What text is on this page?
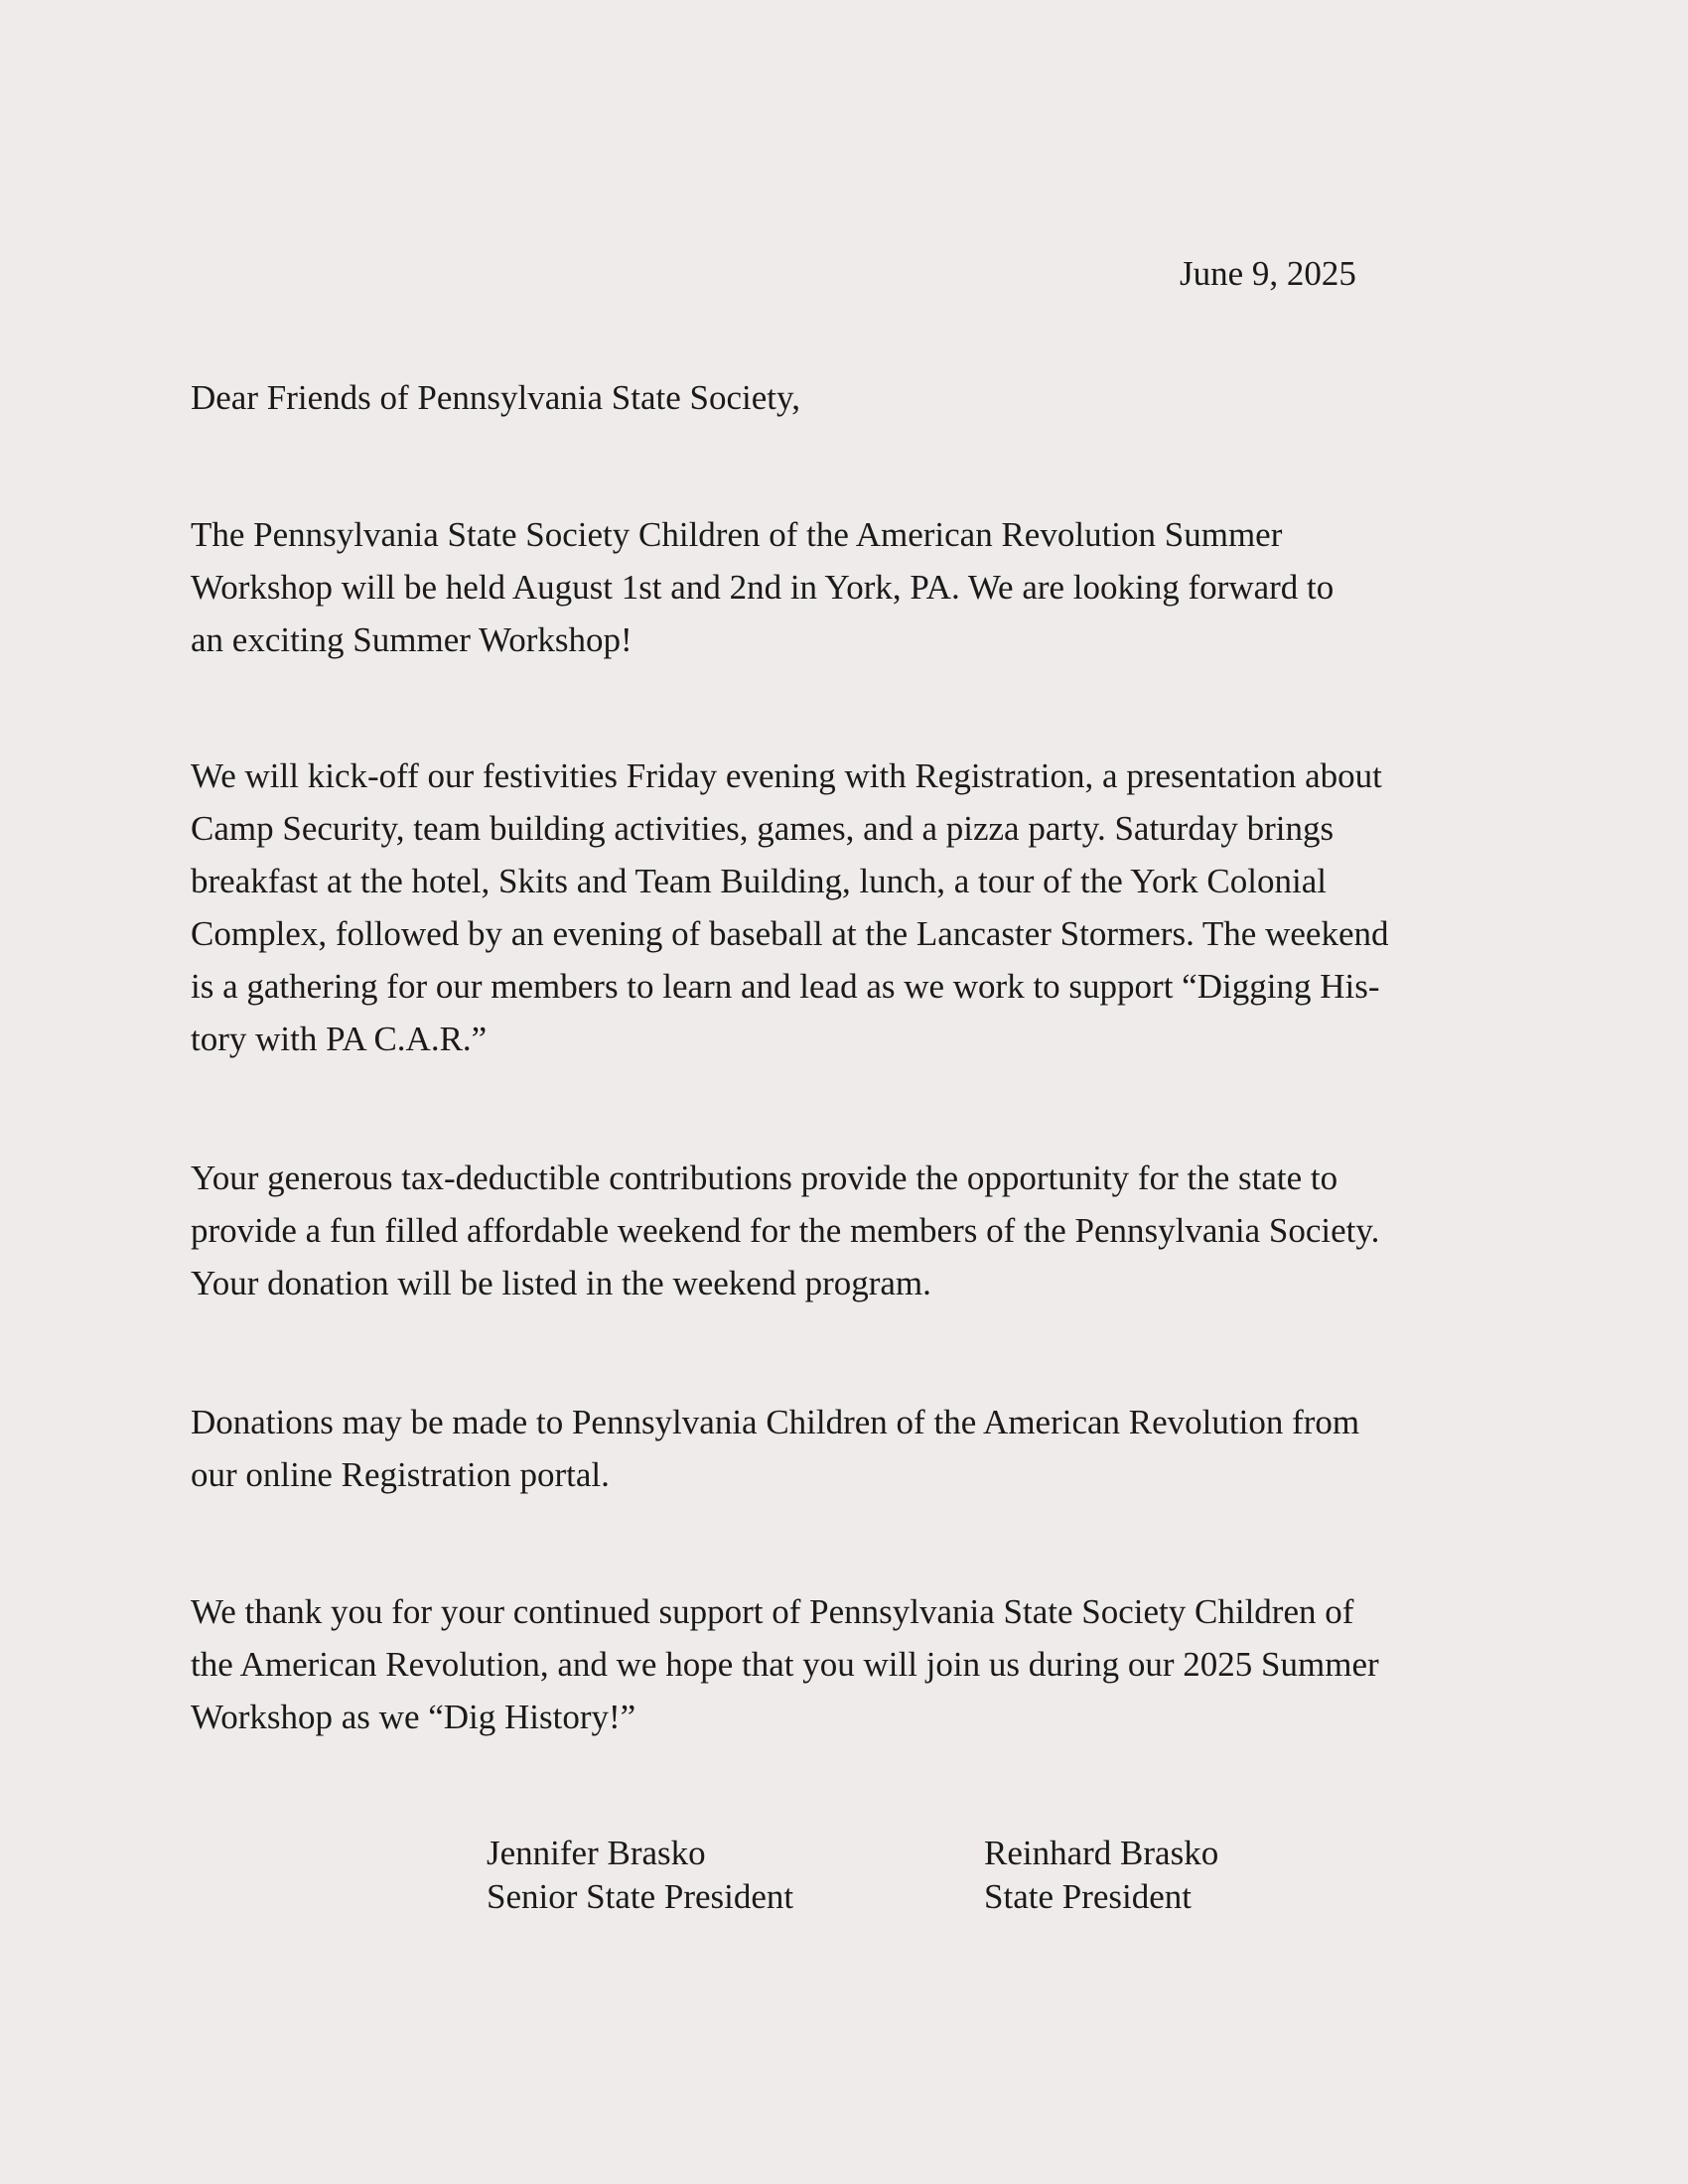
June 9, 2025
Dear Friends of Pennsylvania State Society,

The Pennsylvania State Society Children of the American Revolution Summer
Workshop will be held August 1st and 2nd in York, PA. We are looking forward to
an exciting Summer Workshop!

We will kick-off our festivities Friday evening with Registration, a presentation about
Camp Security, team building activities, games, and a pizza party. Saturday brings
breakfast at the hotel, Skits and Team Building, lunch, a tour of the York Colonial
Complex, followed by an evening of baseball at the Lancaster Stormers. The weekend
is a gathering for our members to learn and lead as we work to support “Digging His-
tory with PA C.A.R.”

Your generous tax-deductible contributions provide the opportunity for the state to
provide a fun filled affordable weekend for the members of the Pennsylvania Society.
Your donation will be listed in the weekend program.

Donations may be made to Pennsylvania Children of the American Revolution from
our online Registration portal.

We thank you for your continued support of Pennsylvania State Society Children of
the American Revolution, and we hope that you will join us during our 2025 Summer
Workshop as we “Dig History!”

Jennifer Brasko
Senior State President
Reinhard Brasko
State President
